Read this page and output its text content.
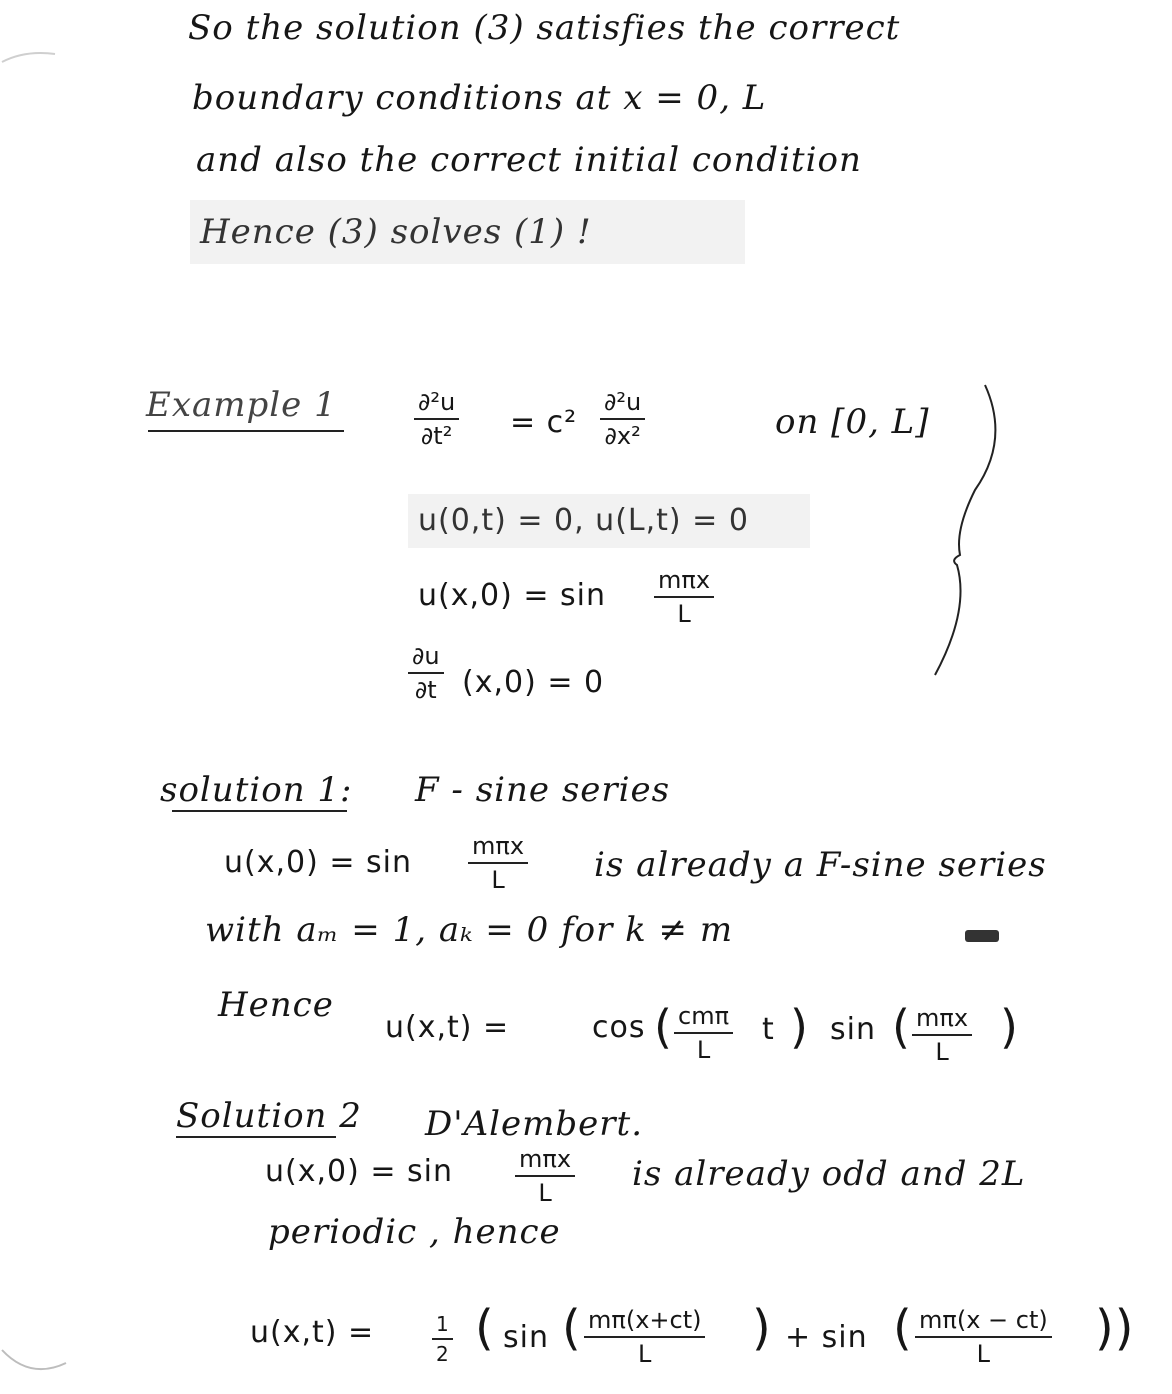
So the solution (3) satisfies the correct
boundary conditions at x = 0, L
and also the correct initial condition
Hence (3) solves (1) !
Example 1	$\frac{\text{∂²u}}{\text{∂t²}} = c^2 \frac{\text{∂²u}}{\text{∂x²}}$	on [0, L]
u(0,t) = 0, u(L,t) = 0
u(x,0) = sin mπx
L
$\frac{\partial u}{\partial t} (x,0) = 0$
solution 1: F - sine series
u(x,0) = sin	mπx
L	is already a F-sine series
with aₘ = 1, aₖ = 0 for k ≠ m
Hence
u(x,t) =	cos ( cmπ
L
t ) sin ( mπx
L	)
Solution 2 D'Alembert.
u(x,0) = sin	mπx
L	is already odd and 2L
periodic , hence
u(x,t) =	$\frac{1}{2}$ ( sin ( $\frac{m\pi(x+ct)}{L}$ ) + sin ( $\frac{m\pi(x - ct)}{L}$ ))
